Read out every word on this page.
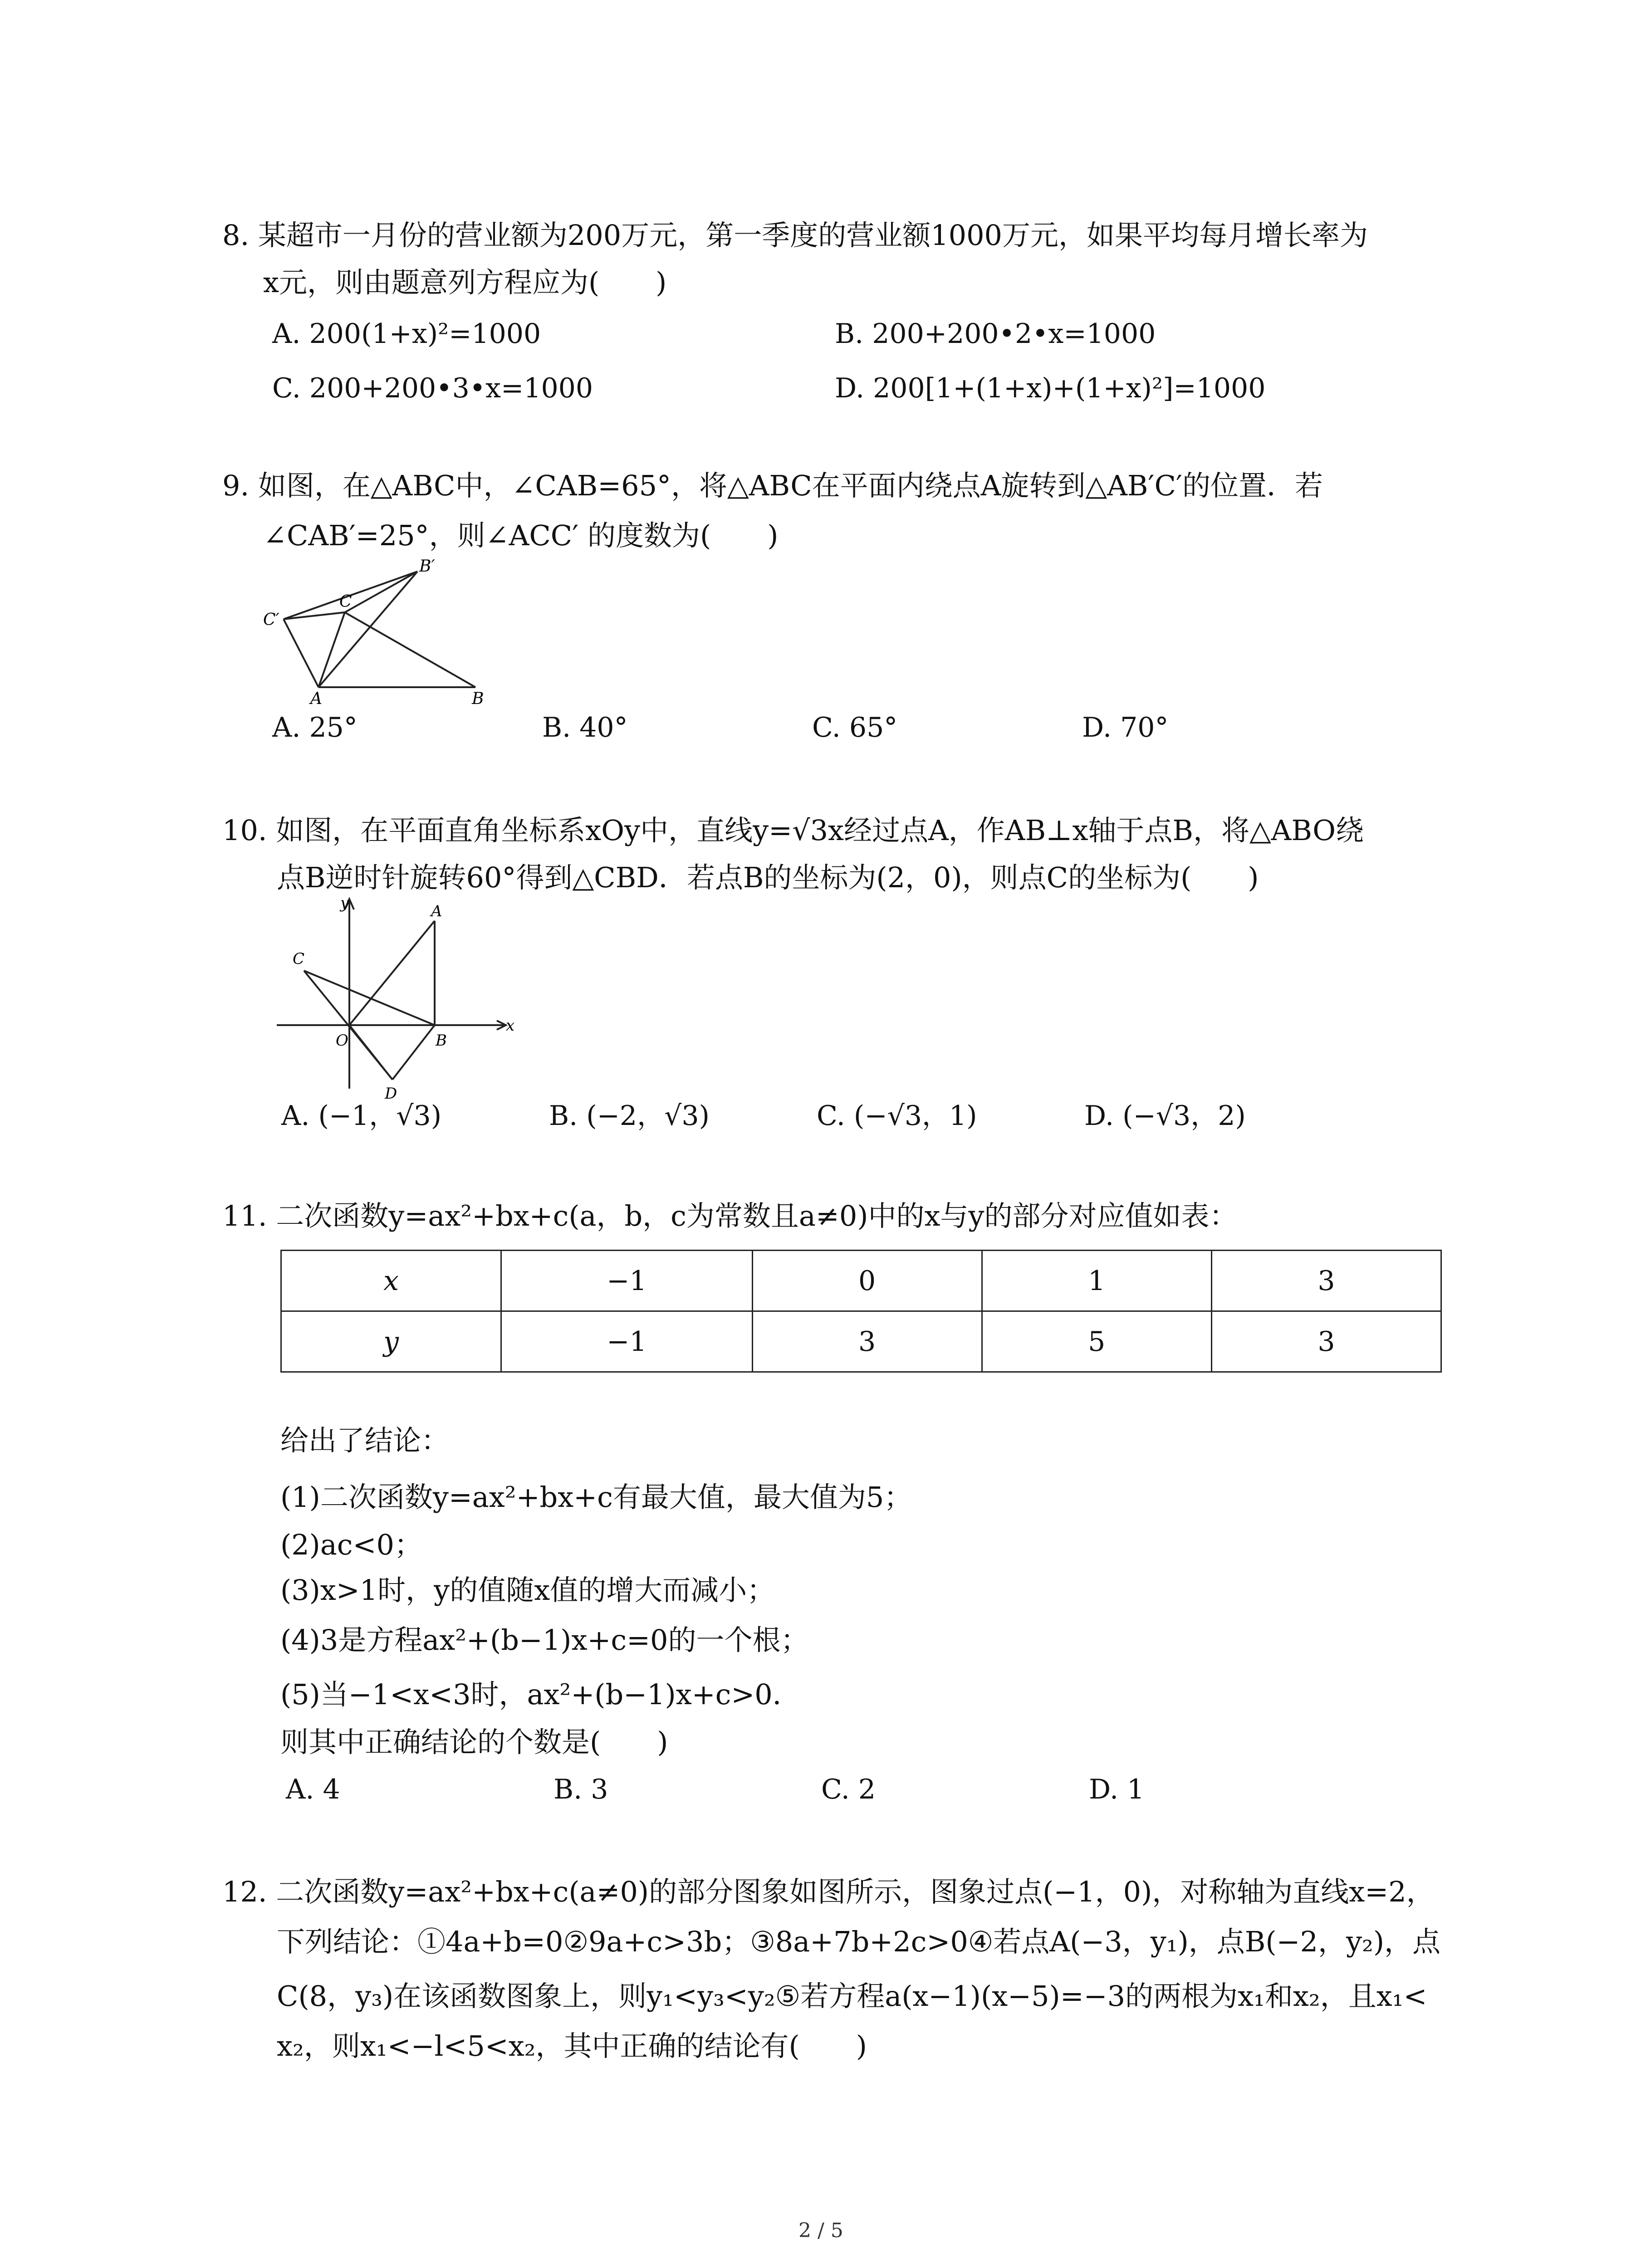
8. 某超市一月份的营业额为200万元，第一季度的营业额1000万元，如果平均每月增长率为
x元，则由题意列方程应为(　　)
A. 200(1+x)²=1000	B. 200+200•2•x=1000
C. 200+200•3•x=1000	D. 200[1+(1+x)+(1+x)²]=1000
9. 如图，在△ABC中，∠CAB=65°，将△ABC在平面内绕点A旋转到△AB′C′的位置．若
∠CAB′=25°，则∠ACC′ 的度数为(　　)
C′
C
B′
A	B
A. 25°	B. 40°	C. 65°	D. 70°
10. 如图，在平面直角坐标系xOy中，直线y=√3x经过点A，作AB⊥x轴于点B，将△ABO绕
点B逆时针旋转60°得到△CBD．若点B的坐标为(2，0)，则点C的坐标为(　　)
y	A
C
x
O	B
D
A. (−1，√3)	B. (−2，√3)	C. (−√3，1)	D. (−√3，2)
11. 二次函数y=ax²+bx+c(a，b，c为常数且a≠0)中的x与y的部分对应值如表：
x	−1	0	1	3
y	−1	3	5	3
给出了结论：
(1)二次函数y=ax²+bx+c有最大值，最大值为5；
(2)ac<0；
(3)x>1时，y的值随x值的增大而减小；
(4)3是方程ax²+(b−1)x+c=0的一个根；
(5)当−1<x<3时，ax²+(b−1)x+c>0．
则其中正确结论的个数是(　　)
A. 4	B. 3	C. 2	D. 1
12. 二次函数y=ax²+bx+c(a≠0)的部分图象如图所示，图象过点(−1，0)，对称轴为直线x=2，
下列结论：①4a+b=0②9a+c>3b；③8a+7b+2c>0④若点A(−3，y₁)，点B(−2，y₂)，点
C(8，y₃)在该函数图象上，则y₁<y₃<y₂⑤若方程a(x−1)(x−5)=−3的两根为x₁和x₂，且x₁<
x₂，则x₁<−l<5<x₂，其中正确的结论有(　　)
2 / 5
